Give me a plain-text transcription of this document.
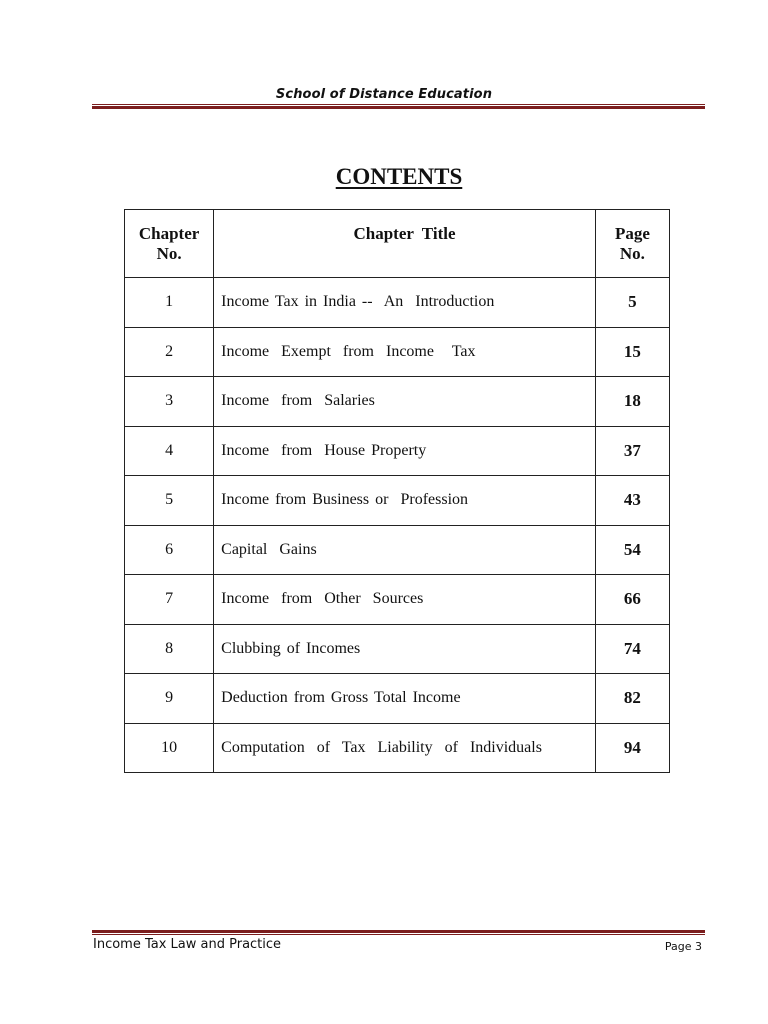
School of Distance Education
CONTENTS
Chapter No.	Chapter  Title	Page No.
1	Income Tax in India --  An  Introduction	5
2	Income  Exempt  from  Income   Tax	15
3	Income  from  Salaries	18
4	Income  from  House Property	37
5	Income from Business or  Profession	43
6	Capital  Gains	54
7	Income  from  Other  Sources	66
8	Clubbing of Incomes	74
9	Deduction from Gross Total Income	82
10	Computation  of  Tax  Liability  of  Individuals	94
Income Tax Law and Practice	Page 3
